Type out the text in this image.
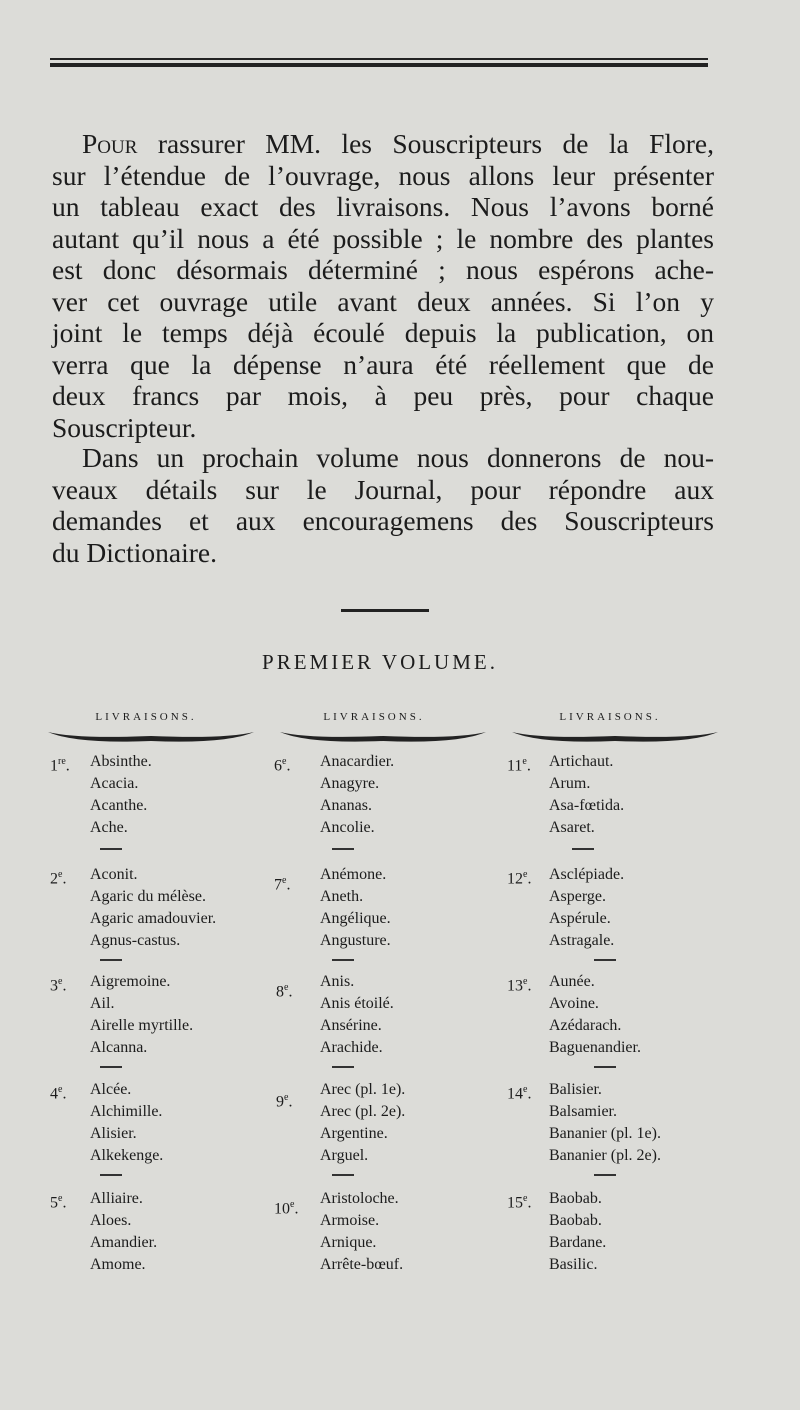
Pour rassurer MM. les Souscripteurs de la Flore,
sur l’étendue de l’ouvrage, nous allons leur présenter
un tableau exact des livraisons. Nous l’avons borné
autant qu’il nous a été possible ; le nombre des plantes
est donc désormais déterminé ; nous espérons ache-
ver cet ouvrage utile avant deux années. Si l’on y
joint le temps déjà écoulé depuis la publication, on
verra que la dépense n’aura été réellement que de
deux francs par mois, à peu près, pour chaque
Souscripteur.
Dans un prochain volume nous donnerons de nou-
veaux détails sur le Journal, pour répondre aux
demandes et aux encouragemens des Souscripteurs
du Dictionaire.
PREMIER VOLUME.
LIVRAISONS.	LIVRAISONS.	LIVRAISONS.
1re. Absinthe.
Acacia.
Acanthe.
Ache.
2e. Aconit.
Agaric du mélèse.
Agaric amadouvier.
Agnus-castus.
3e. Aigremoine.
Ail.
Airelle myrtille.
Alcanna.
4e. Alcée.
Alchimille.
Alisier.
Alkekenge.
5e. Alliaire.
Aloes.
Amandier.
Amome.
6e. Anacardier.
Anagyre.
Ananas.
Ancolie.
7e.
Anémone.
Aneth.
Angélique.
Angusture.
8e.
Anis.
Anis étoilé.
Ansérine.
Arachide.
9e.
Arec (pl. 1e).
Arec (pl. 2e).
Argentine.
Arguel.
10e.
Aristoloche.
Armoise.
Arnique.
Arrête-bœuf.
11e. Artichaut.
Arum.
Asa-fœtida.
Asaret.
12e. Asclépiade.
Asperge.
Aspérule.
Astragale.
13e. Aunée.
Avoine.
Azédarach.
Baguenandier.
14e. Balisier.
Balsamier.
Bananier (pl. 1e).
Bananier (pl. 2e).
15e. Baobab.
Baobab.
Bardane.
Basilic.
